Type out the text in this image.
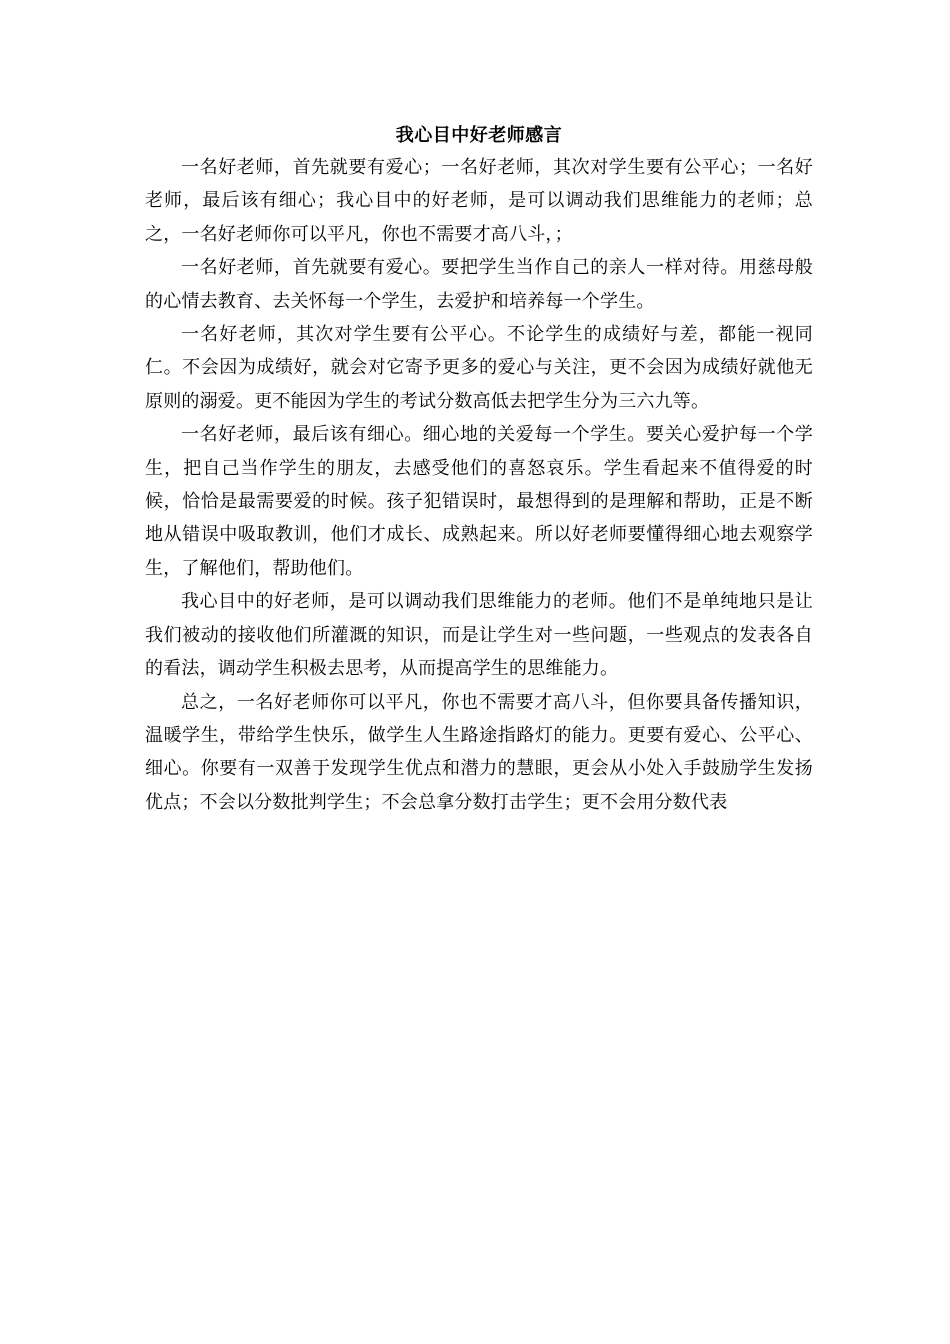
我心目中好老师感言

一名好老师，首先就要有爱心；一名好老师，其次对学生要有公平心；一名好老师，最后该有细心；我心目中的好老师，是可以调动我们思维能力的老师；总之，一名好老师你可以平凡，你也不需要才高八斗，；

一名好老师，首先就要有爱心。要把学生当作自己的亲人一样对待。用慈母般的心情去教育、去关怀每一个学生，去爱护和培养每一个学生。

一名好老师，其次对学生要有公平心。不论学生的成绩好与差，都能一视同仁。不会因为成绩好，就会对它寄予更多的爱心与关注，更不会因为成绩好就他无原则的溺爱。更不能因为学生的考试分数高低去把学生分为三六九等。

一名好老师，最后该有细心。细心地的关爱每一个学生。要关心爱护每一个学生，把自己当作学生的朋友，去感受他们的喜怒哀乐。学生看起来不值得爱的时候，恰恰是最需要爱的时候。孩子犯错误时，最想得到的是理解和帮助，正是不断地从错误中吸取教训，他们才成长、成熟起来。所以好老师要懂得细心地去观察学生，了解他们，帮助他们。

我心目中的好老师，是可以调动我们思维能力的老师。他们不是单纯地只是让我们被动的接收他们所灌溉的知识，而是让学生对一些问题，一些观点的发表各自的看法，调动学生积极去思考，从而提高学生的思维能力。

总之，一名好老师你可以平凡，你也不需要才高八斗，但你要具备传播知识，温暖学生，带给学生快乐，做学生人生路途指路灯的能力。更要有爱心、公平心、细心。你要有一双善于发现学生优点和潜力的慧眼，更会从小处入手鼓励学生发扬优点；不会以分数批判学生；不会总拿分数打击学生；更不会用分数代表
